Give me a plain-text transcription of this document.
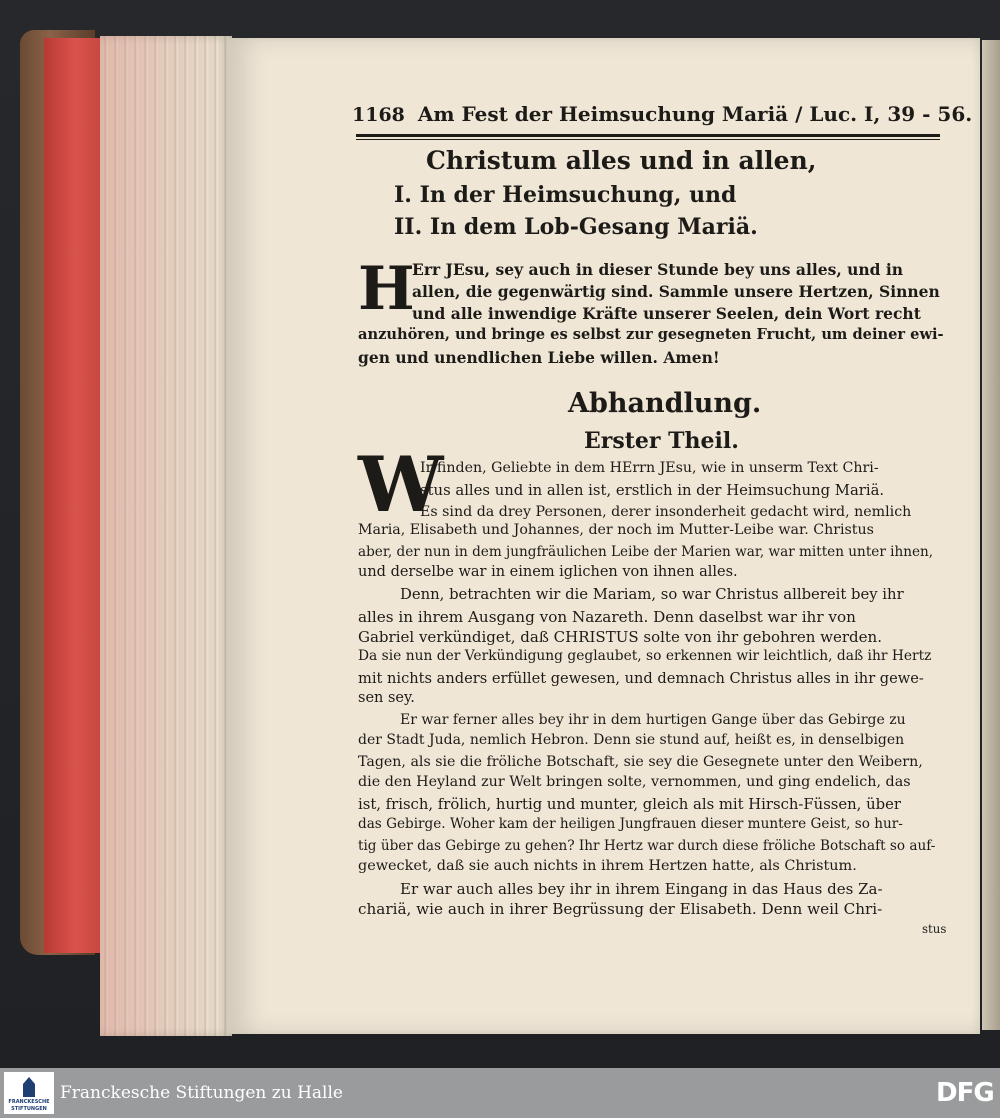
1168 Am Fest der Heimsuchung Mariä / Luc. I, 39 - 56.
Christum alles und in allen,
I. In der Heimsuchung, und
II. In dem Lob-Gesang Mariä.
H
Err JEsu, sey auch in dieser Stunde bey uns alles, und in
allen, die gegenwärtig sind. Sammle unsere Hertzen, Sinnen
und alle inwendige Kräfte unserer Seelen, dein Wort recht
anzuhören, und bringe es selbst zur gesegneten Frucht, um deiner ewi-
gen und unendlichen Liebe willen. Amen!
Abhandlung.
Erster Theil.
W
Ir finden, Geliebte in dem HErrn JEsu, wie in unserm Text Chri-
stus alles und in allen ist, erstlich in der Heimsuchung Mariä.
Es sind da drey Personen, derer insonderheit gedacht wird, nemlich
Maria, Elisabeth und Johannes, der noch im Mutter-Leibe war. Christus
aber, der nun in dem jungfräulichen Leibe der Marien war, war mitten unter ihnen,
und derselbe war in einem iglichen von ihnen alles.
Denn, betrachten wir die Mariam, so war Christus allbereit bey ihr
alles in ihrem Ausgang von Nazareth. Denn daselbst war ihr von
Gabriel verkündiget, daß CHRISTUS solte von ihr gebohren werden.
Da sie nun der Verkündigung geglaubet, so erkennen wir leichtlich, daß ihr Hertz
mit nichts anders erfüllet gewesen, und demnach Christus alles in ihr gewe-
sen sey.
Er war ferner alles bey ihr in dem hurtigen Gange über das Gebirge zu
der Stadt Juda, nemlich Hebron. Denn sie stund auf, heißt es, in denselbigen
Tagen, als sie die fröliche Botschaft, sie sey die Gesegnete unter den Weibern,
die den Heyland zur Welt bringen solte, vernommen, und ging endelich, das
ist, frisch, frölich, hurtig und munter, gleich als mit Hirsch-Füssen, über
das Gebirge. Woher kam der heiligen Jungfrauen dieser muntere Geist, so hur-
tig über das Gebirge zu gehen? Ihr Hertz war durch diese fröliche Botschaft so auf-
gewecket, daß sie auch nichts in ihrem Hertzen hatte, als Christum.
Er war auch alles bey ihr in ihrem Eingang in das Haus des Za-
chariä, wie auch in ihrer Begrüssung der Elisabeth. Denn weil Chri-
stus
FRANCKESCHE
STIFTUNGEN
Franckesche Stiftungen zu Halle	DFG
